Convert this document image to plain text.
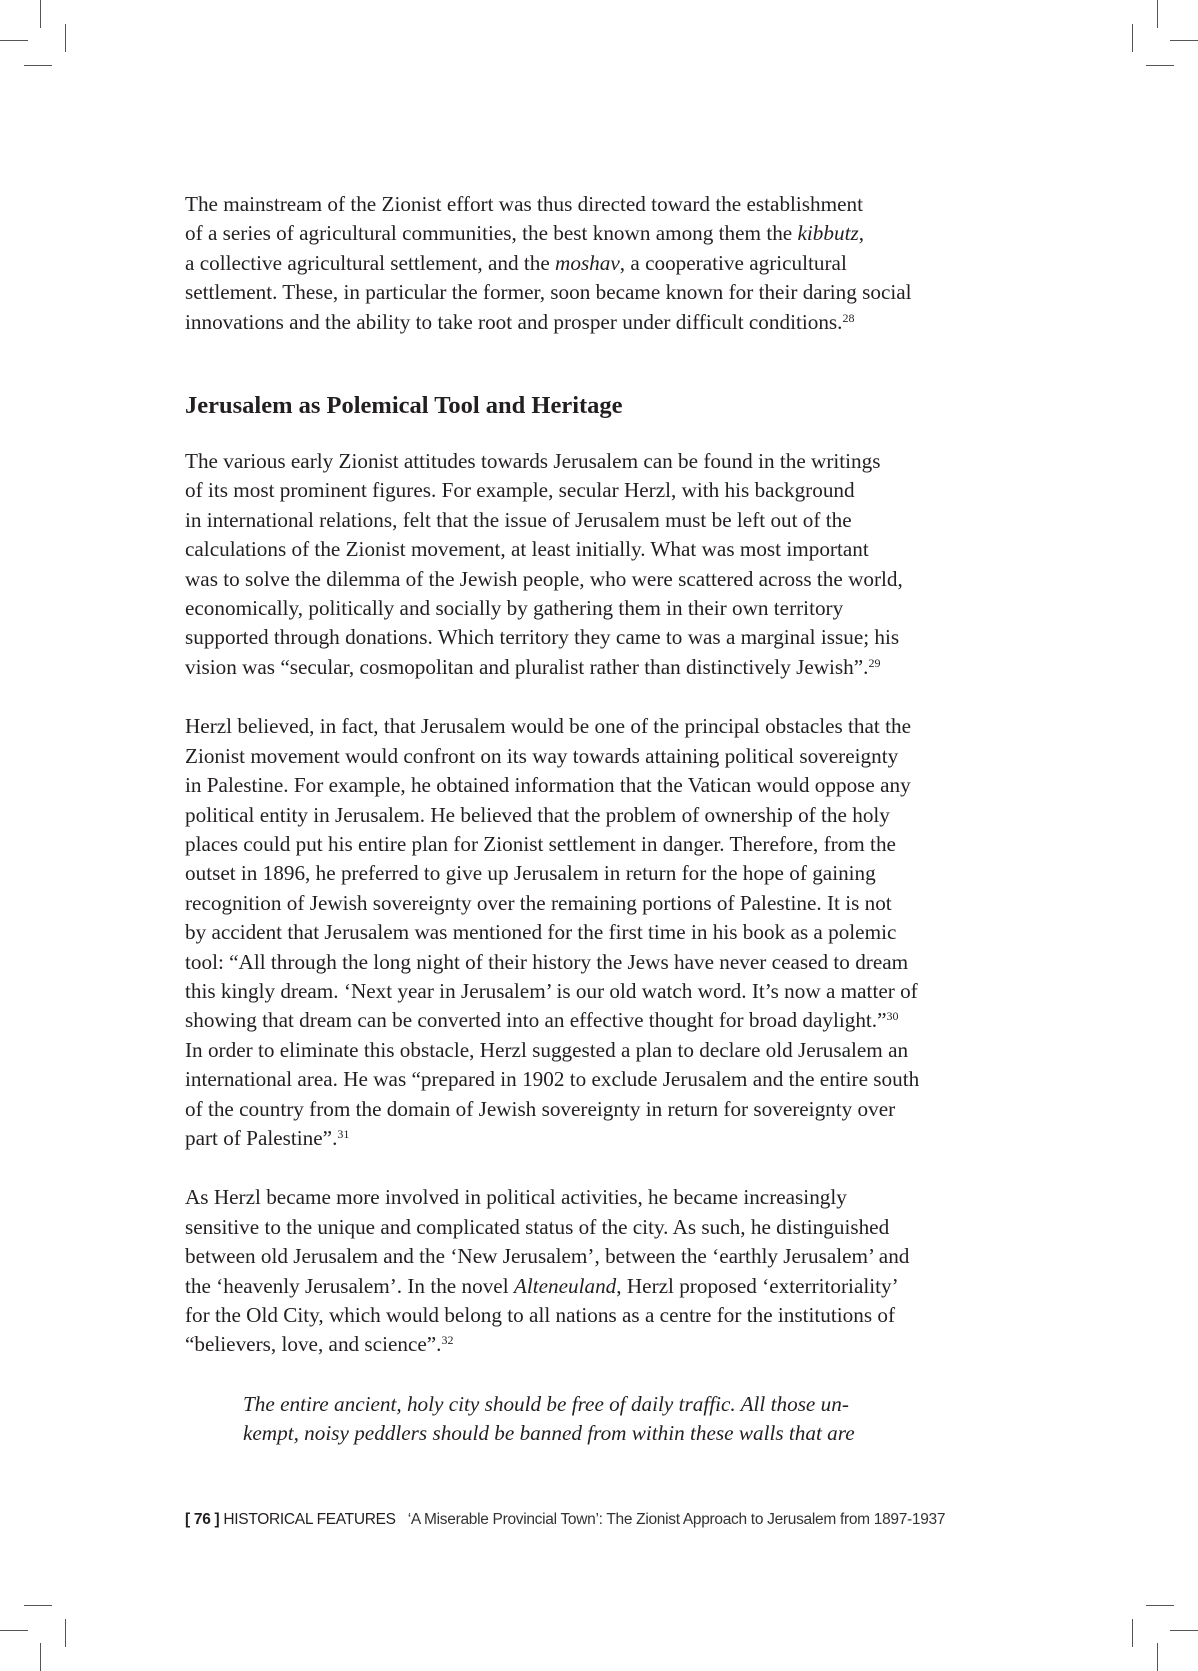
The mainstream of the Zionist effort was thus directed toward the establishment
of a series of agricultural communities, the best known among them the kibbutz,
a collective agricultural settlement, and the moshav, a cooperative agricultural
settlement. These, in particular the former, soon became known for their daring social
innovations and the ability to take root and prosper under difficult conditions.$^{28}$

Jerusalem as Polemical Tool and Heritage

The various early Zionist attitudes towards Jerusalem can be found in the writings
of its most prominent figures. For example, secular Herzl, with his background
in international relations, felt that the issue of Jerusalem must be left out of the
calculations of the Zionist movement, at least initially. What was most important
was to solve the dilemma of the Jewish people, who were scattered across the world,
economically, politically and socially by gathering them in their own territory
supported through donations. Which territory they came to was a marginal issue; his
vision was “secular, cosmopolitan and pluralist rather than distinctively Jewish”.$^{29}$

Herzl believed, in fact, that Jerusalem would be one of the principal obstacles that the
Zionist movement would confront on its way towards attaining political sovereignty
in Palestine. For example, he obtained information that the Vatican would oppose any
political entity in Jerusalem. He believed that the problem of ownership of the holy
places could put his entire plan for Zionist settlement in danger. Therefore, from the
outset in 1896, he preferred to give up Jerusalem in return for the hope of gaining
recognition of Jewish sovereignty over the remaining portions of Palestine. It is not
by accident that Jerusalem was mentioned for the first time in his book as a polemic
tool: “All through the long night of their history the Jews have never ceased to dream
this kingly dream. ‘Next year in Jerusalem’ is our old watch word. It’s now a matter of
showing that dream can be converted into an effective thought for broad daylight.”$^{30}$
In order to eliminate this obstacle, Herzl suggested a plan to declare old Jerusalem an
international area. He was “prepared in 1902 to exclude Jerusalem and the entire south
of the country from the domain of Jewish sovereignty in return for sovereignty over
part of Palestine”.$^{31}$

As Herzl became more involved in political activities, he became increasingly
sensitive to the unique and complicated status of the city. As such, he distinguished
between old Jerusalem and the ‘New Jerusalem’, between the ‘earthly Jerusalem’ and
the ‘heavenly Jerusalem’. In the novel Alteneuland, Herzl proposed ‘exterritoriality’
for the Old City, which would belong to all nations as a centre for the institutions of
“believers, love, and science”.$^{32}$

The entire ancient, holy city should be free of daily traffic. All those un-
kempt, noisy peddlers should be banned from within these walls that are
[ 76 ] HISTORICAL FEATURES ‘A Miserable Provincial Town’: The Zionist Approach to Jerusalem from 1897-1937
